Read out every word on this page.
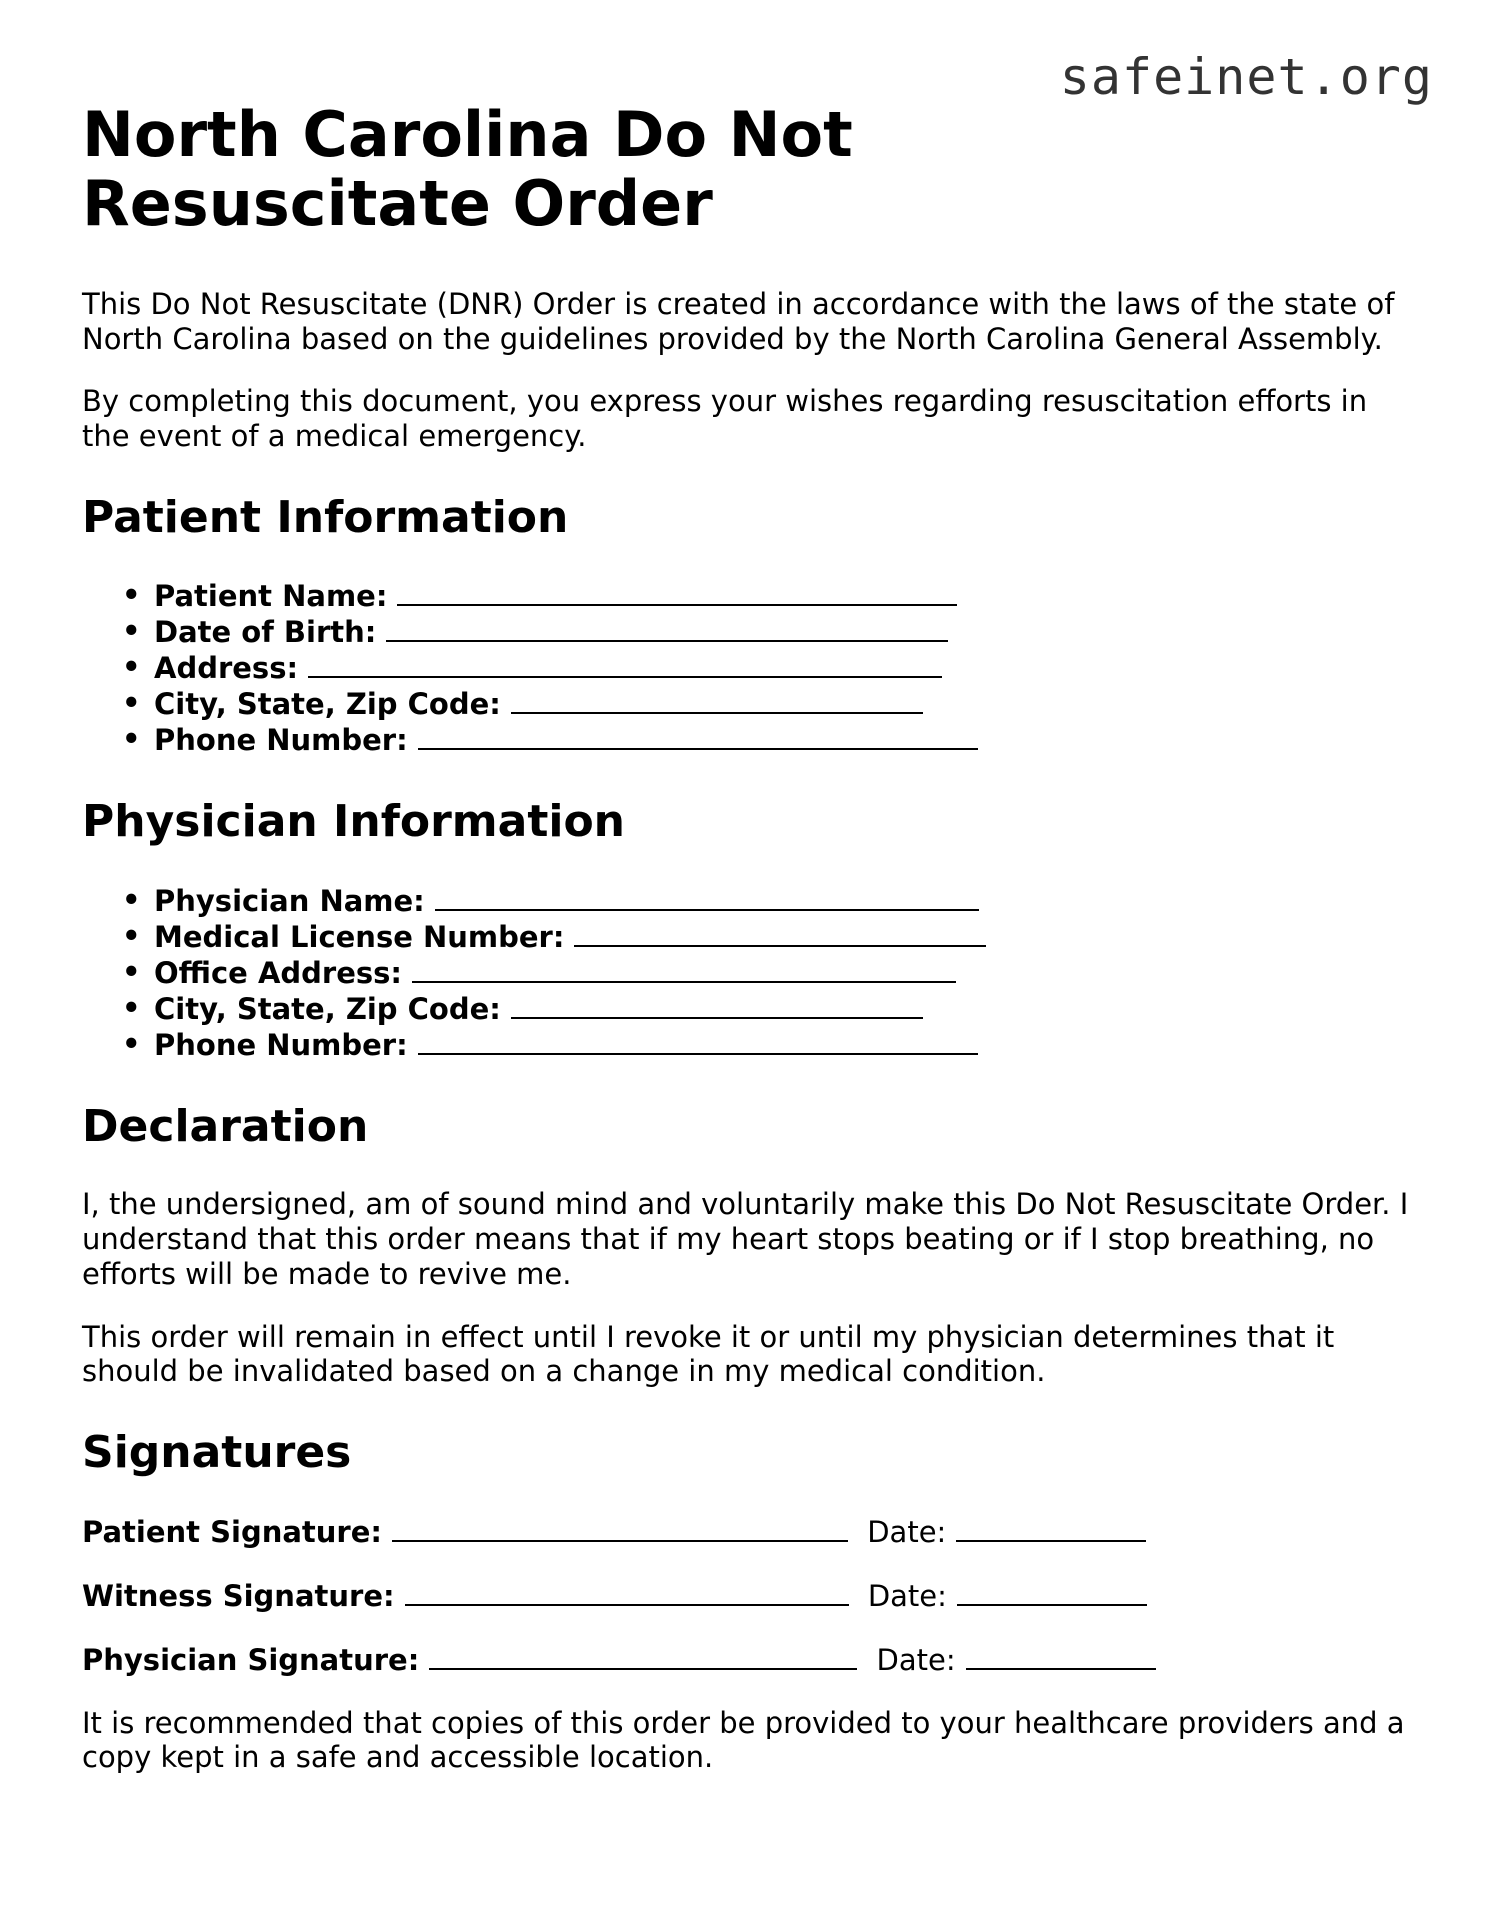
safeinet.org
North Carolina Do Not Resuscitate Order

This Do Not Resuscitate (DNR) Order is created in accordance with the laws of the state of North Carolina based on the guidelines provided by the North Carolina General Assembly.

By completing this document, you express your wishes regarding resuscitation efforts in the event of a medical emergency.

Patient Information
• Patient Name:
• Date of Birth:
• Address:
• City, State, Zip Code:
• Phone Number:
Physician Information
• Physician Name:
• Medical License Number:
• Office Address:
• City, State, Zip Code:
• Phone Number:
Declaration

I, the undersigned, am of sound mind and voluntarily make this Do Not Resuscitate Order. I understand that this order means that if my heart stops beating or if I stop breathing, no efforts will be made to revive me.

This order will remain in effect until I revoke it or until my physician determines that it should be invalidated based on a change in my medical condition.

Signatures
Patient Signature:	Date:
Witness Signature:	Date:
Physician Signature:	Date:

It is recommended that copies of this order be provided to your healthcare providers and a copy kept in a safe and accessible location.
